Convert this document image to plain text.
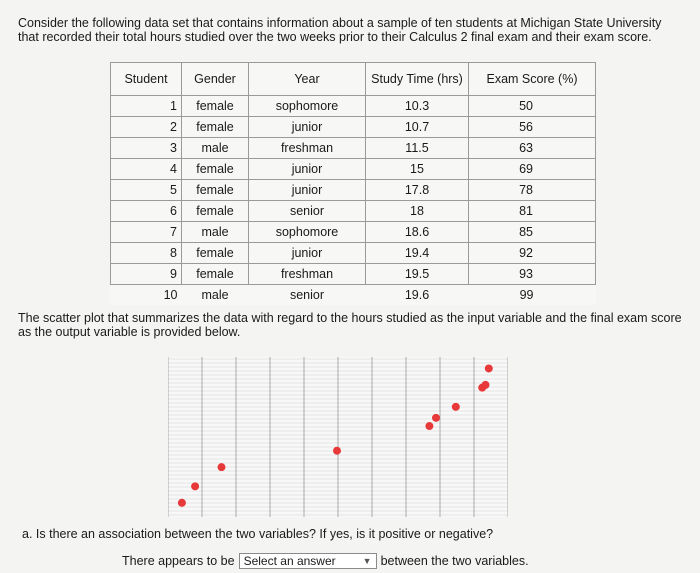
Consider the following data set that contains information about a sample of ten students at Michigan State University that recorded their total hours studied over the two weeks prior to their Calculus 2 final exam and their exam score.
Student	Gender	Year	Study Time (hrs)	Exam Score (%)
1	female	sophomore	10.3	50
2	female	junior	10.7	56
3	male	freshman	11.5	63
4	female	junior	15	69
5	female	junior	17.8	78
6	female	senior	18	81
7	male	sophomore	18.6	85
8	female	junior	19.4	92
9	female	freshman	19.5	93
10	male	senior	19.6	99
The scatter plot that summarizes the data with regard to the hours studied as the input variable and the final exam score as the output variable is provided below.
a. Is there an association between the two variables? If yes, is it positive or negative?
There appears to be Select an answer	▼ between the two variables.
